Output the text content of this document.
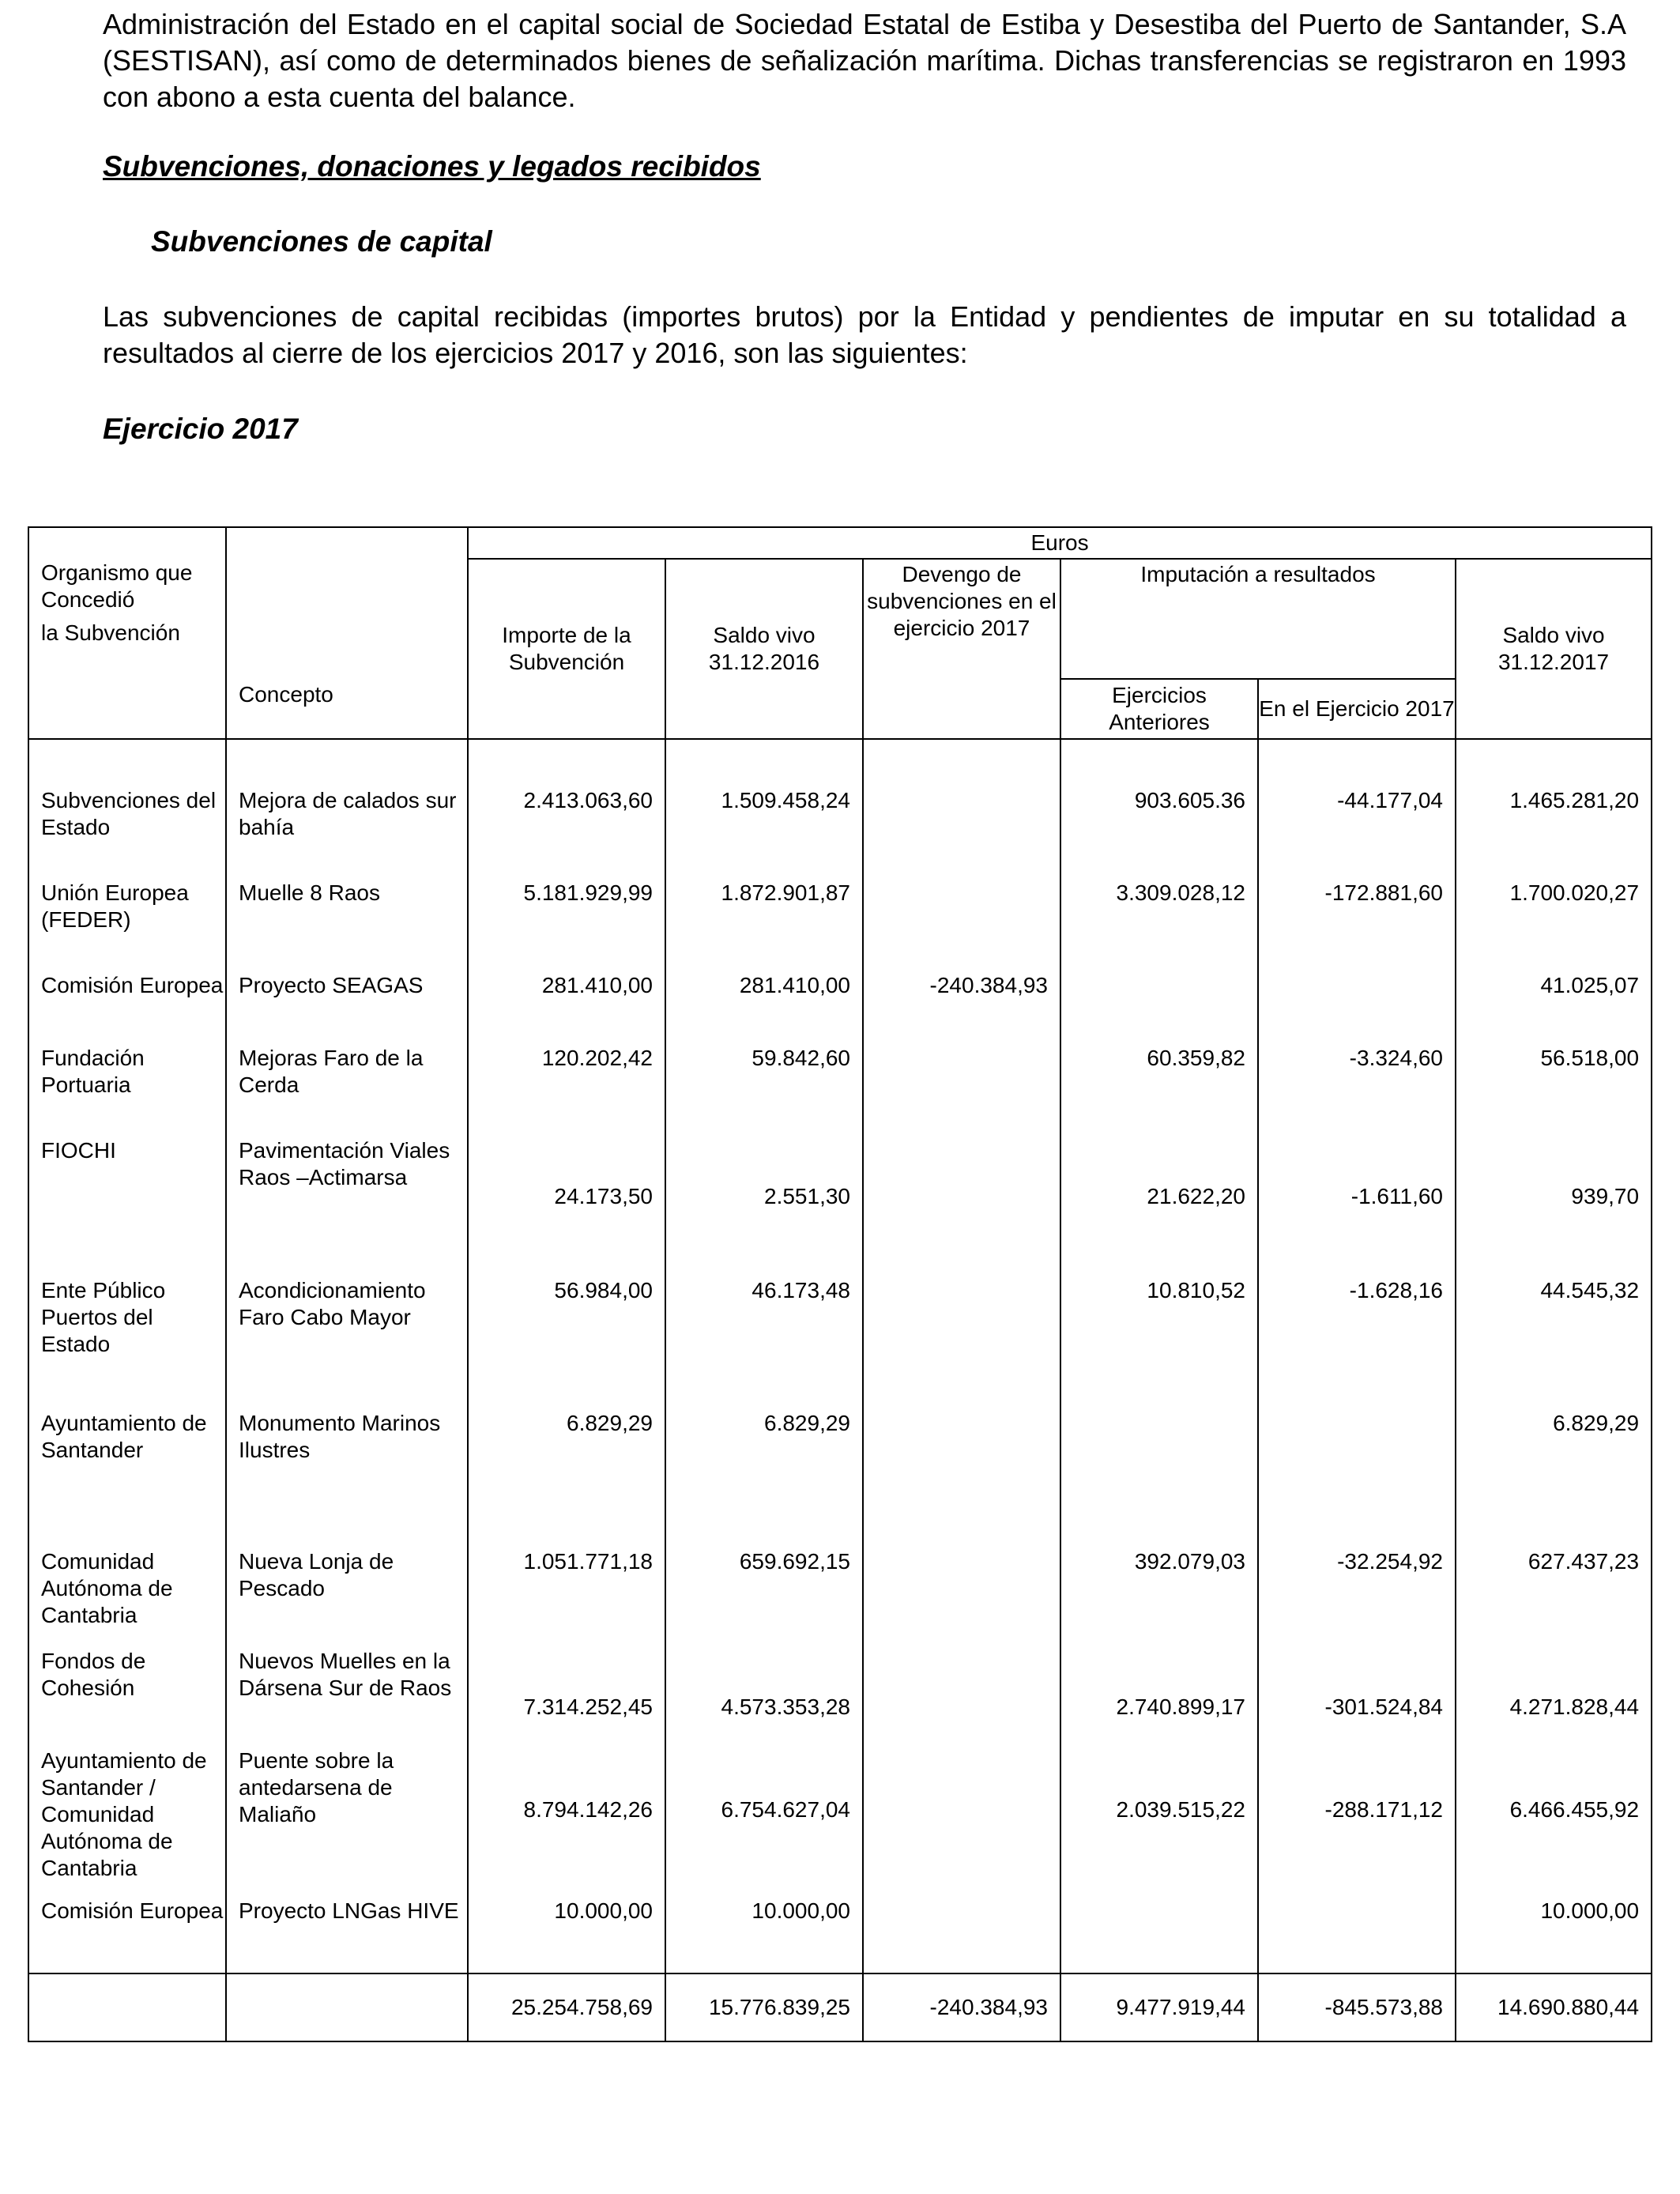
Administración del Estado en el capital social de Sociedad Estatal de Estiba y Desestiba del Puerto de Santander, S.A (SESTISAN), así como de determinados bienes de señalización marítima. Dichas transferencias se registraron en 1993 con abono a esta cuenta del balance.

Subvenciones, donaciones y legados recibidos
Subvenciones de capital

Las subvenciones de capital recibidas (importes brutos) por la Entidad y pendientes de imputar en su totalidad a resultados al cierre de los ejercicios 2017 y 2016, son las siguientes:

Ejercicio 2017
Organismo que Concedió
la Subvención	Concepto	Euros					
		Importe de la Subvención	Saldo vivo 31.12.2016	Devengo de subvenciones en el ejercicio 2017	Imputación a resultados		Saldo vivo 31.12.2017
					Ejercicios Anteriores	En el Ejercicio 2017	

Subvenciones del Estado	Mejora de calados sur bahía	2.413.063,60	1.509.458,24		903.605.36	-44.177,04	1.465.281,20

Unión Europea (FEDER)	Muelle 8 Raos	5.181.929,99	1.872.901,87		3.309.028,12	-172.881,60	1.700.020,27

Comisión Europea	Proyecto SEAGAS	281.410,00	281.410,00	-240.384,93			41.025,07

Fundación Portuaria	Mejoras Faro de la Cerda	120.202,42	59.842,60		60.359,82	-3.324,60	56.518,00

FIOCHI	Pavimentación Viales Raos –Actimarsa	24.173,50	2.551,30		21.622,20	-1.611,60	939,70

Ente Público Puertos del Estado	Acondicionamiento Faro Cabo Mayor	56.984,00	46.173,48		10.810,52	-1.628,16	44.545,32

Ayuntamiento de Santander	Monumento Marinos Ilustres	6.829,29	6.829,29				6.829,29

Comunidad Autónoma de Cantabria	Nueva Lonja de Pescado	1.051.771,18	659.692,15		392.079,03	-32.254,92	627.437,23

Fondos de Cohesión	Nuevos Muelles en la Dársena Sur de Raos	7.314.252,45	4.573.353,28		2.740.899,17	-301.524,84	4.271.828,44

Ayuntamiento de Santander / Comunidad Autónoma de Cantabria	Puente sobre la antedarsena de Maliaño	8.794.142,26	6.754.627,04		2.039.515,22	-288.171,12	6.466.455,92

Comisión Europea	Proyecto LNGas HIVE	10.000,00	10.000,00				10.000,00

		25.254.758,69	15.776.839,25	-240.384,93	9.477.919,44	-845.573,88	14.690.880,44
